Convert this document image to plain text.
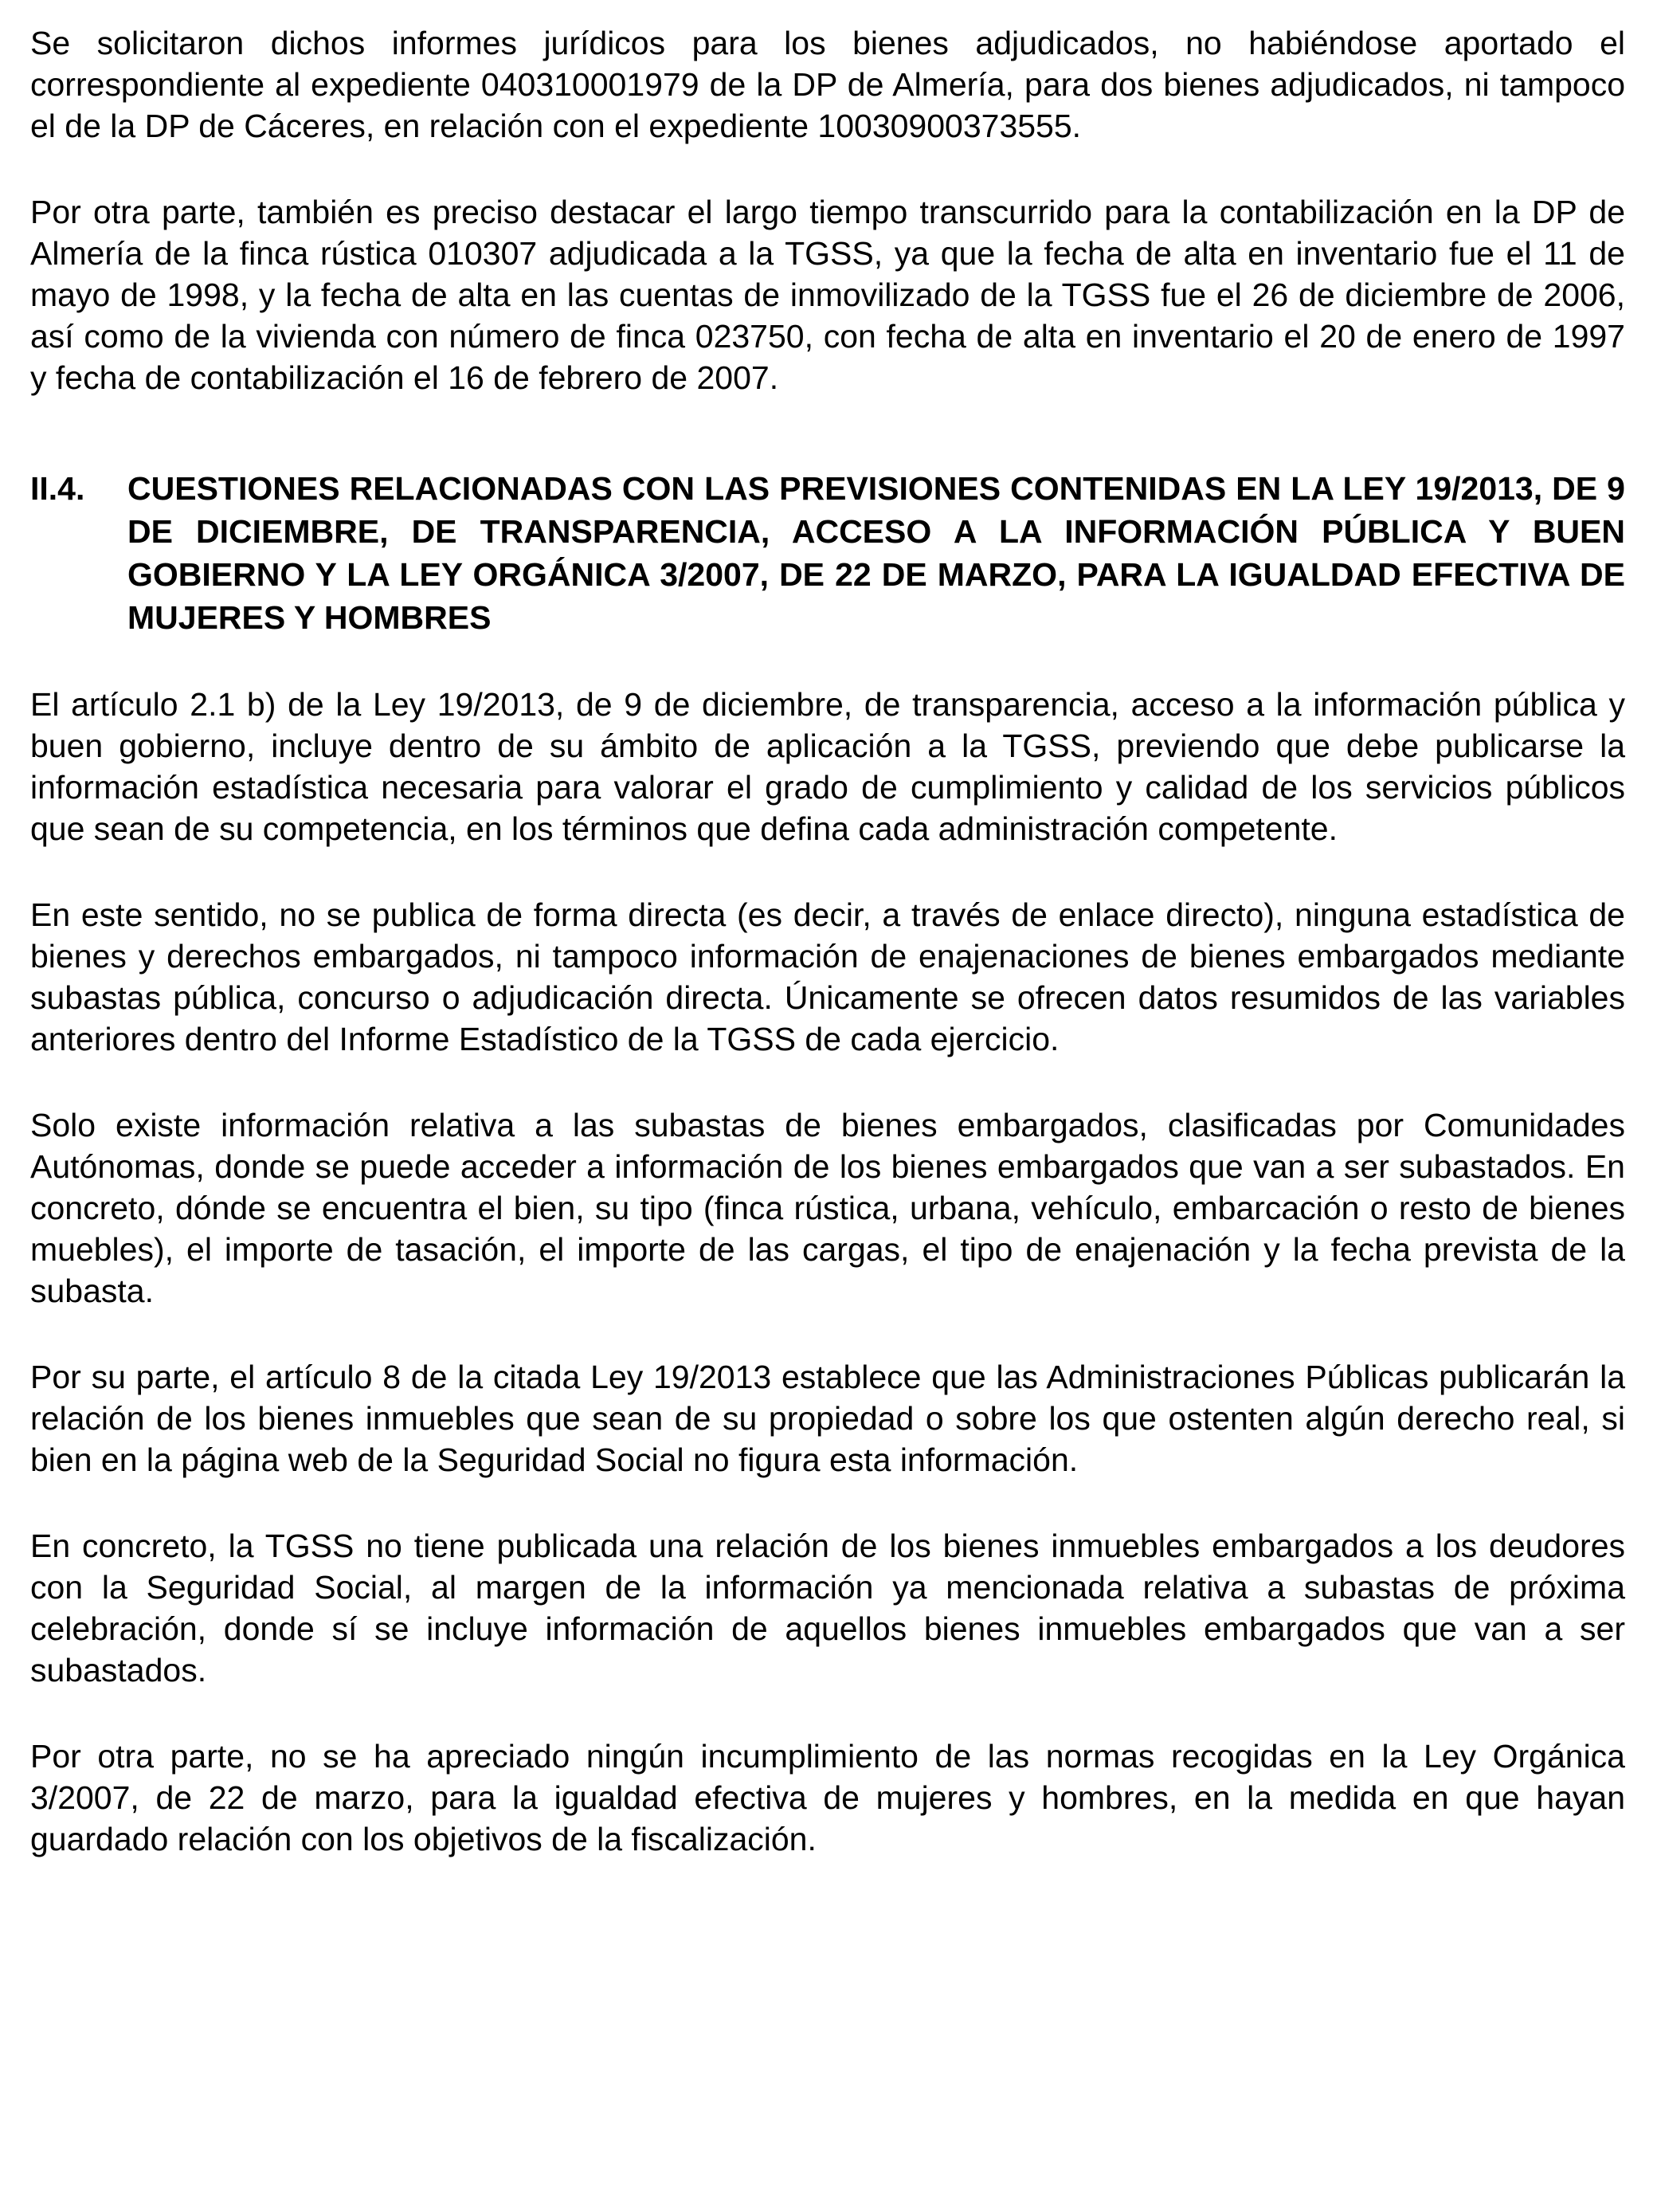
Se solicitaron dichos informes jurídicos para los bienes adjudicados, no habiéndose aportado el correspondiente al expediente 040310001979 de la DP de Almería, para dos bienes adjudicados, ni tampoco el de la DP de Cáceres, en relación con el expediente 10030900373555.

Por otra parte, también es preciso destacar el largo tiempo transcurrido para la contabilización en la DP de Almería de la finca rústica 010307 adjudicada a la TGSS, ya que la fecha de alta en inventario fue el 11 de mayo de 1998, y la fecha de alta en las cuentas de inmovilizado de la TGSS fue el 26 de diciembre de 2006, así como de la vivienda con número de finca 023750, con fecha de alta en inventario el 20 de enero de 1997 y fecha de contabilización el 16 de febrero de 2007.

II.4. CUESTIONES RELACIONADAS CON LAS PREVISIONES CONTENIDAS EN LA LEY 19/2013, DE 9 DE DICIEMBRE, DE TRANSPARENCIA, ACCESO A LA INFORMACIÓN PÚBLICA Y BUEN GOBIERNO Y LA LEY ORGÁNICA 3/2007, DE 22 DE MARZO, PARA LA IGUALDAD EFECTIVA DE MUJERES Y HOMBRES

El artículo 2.1 b) de la Ley 19/2013, de 9 de diciembre, de transparencia, acceso a la información pública y buen gobierno, incluye dentro de su ámbito de aplicación a la TGSS, previendo que debe publicarse la información estadística necesaria para valorar el grado de cumplimiento y calidad de los servicios públicos que sean de su competencia, en los términos que defina cada administración competente.

En este sentido, no se publica de forma directa (es decir, a través de enlace directo), ninguna estadística de bienes y derechos embargados, ni tampoco información de enajenaciones de bienes embargados mediante subastas pública, concurso o adjudicación directa. Únicamente se ofrecen datos resumidos de las variables anteriores dentro del Informe Estadístico de la TGSS de cada ejercicio.

Solo existe información relativa a las subastas de bienes embargados, clasificadas por Comunidades Autónomas, donde se puede acceder a información de los bienes embargados que van a ser subastados. En concreto, dónde se encuentra el bien, su tipo (finca rústica, urbana, vehículo, embarcación o resto de bienes muebles), el importe de tasación, el importe de las cargas, el tipo de enajenación y la fecha prevista de la subasta.

Por su parte, el artículo 8 de la citada Ley 19/2013 establece que las Administraciones Públicas publicarán la relación de los bienes inmuebles que sean de su propiedad o sobre los que ostenten algún derecho real, si bien en la página web de la Seguridad Social no figura esta información.

En concreto, la TGSS no tiene publicada una relación de los bienes inmuebles embargados a los deudores con la Seguridad Social, al margen de la información ya mencionada relativa a subastas de próxima celebración, donde sí se incluye información de aquellos bienes inmuebles embargados que van a ser subastados.

Por otra parte, no se ha apreciado ningún incumplimiento de las normas recogidas en la Ley Orgánica 3/2007, de 22 de marzo, para la igualdad efectiva de mujeres y hombres, en la medida en que hayan guardado relación con los objetivos de la fiscalización.
